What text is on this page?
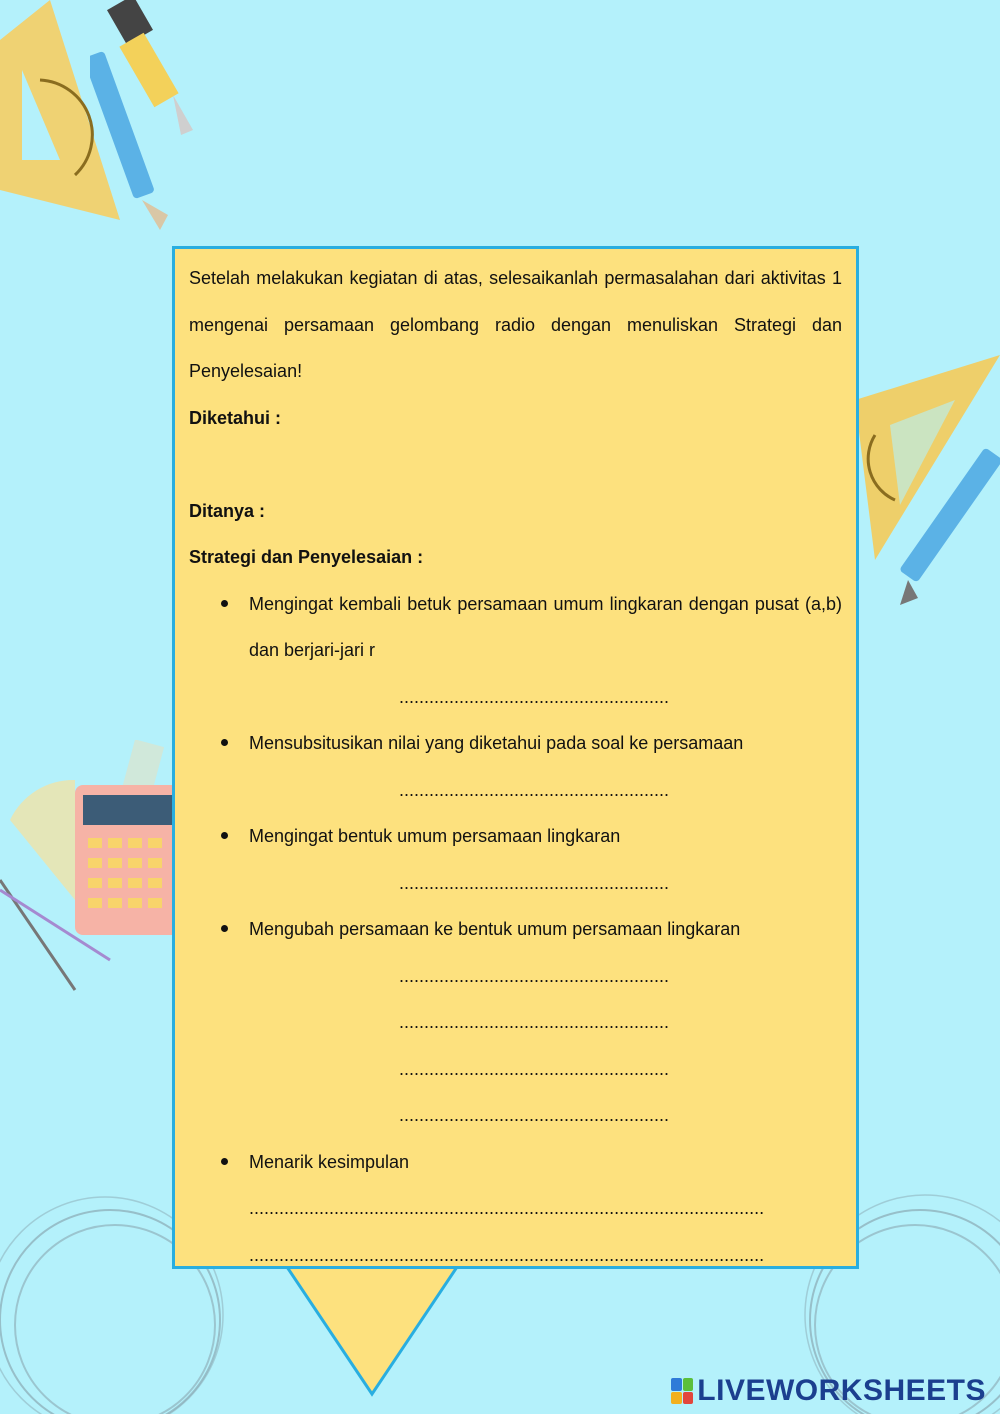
Setelah melakukan kegiatan di atas, selesaikanlah permasalahan dari aktivitas 1 mengenai persamaan gelombang radio dengan menuliskan Strategi dan Penyelesaian!

Diketahui :

Ditanya :

Strategi dan Penyelesaian :

Mengingat kembali betuk persamaan umum lingkaran dengan pusat (a,b) dan berjari-jari r

......................................................

Mensubsitusikan nilai yang diketahui pada soal ke persamaan

......................................................

Mengingat bentuk umum persamaan lingkaran

......................................................

Mengubah persamaan ke bentuk umum persamaan lingkaran

......................................................

......................................................

......................................................

......................................................

Menarik kesimpulan

.......................................................................................................

.......................................................................................................

LIVEWORKSHEETS
